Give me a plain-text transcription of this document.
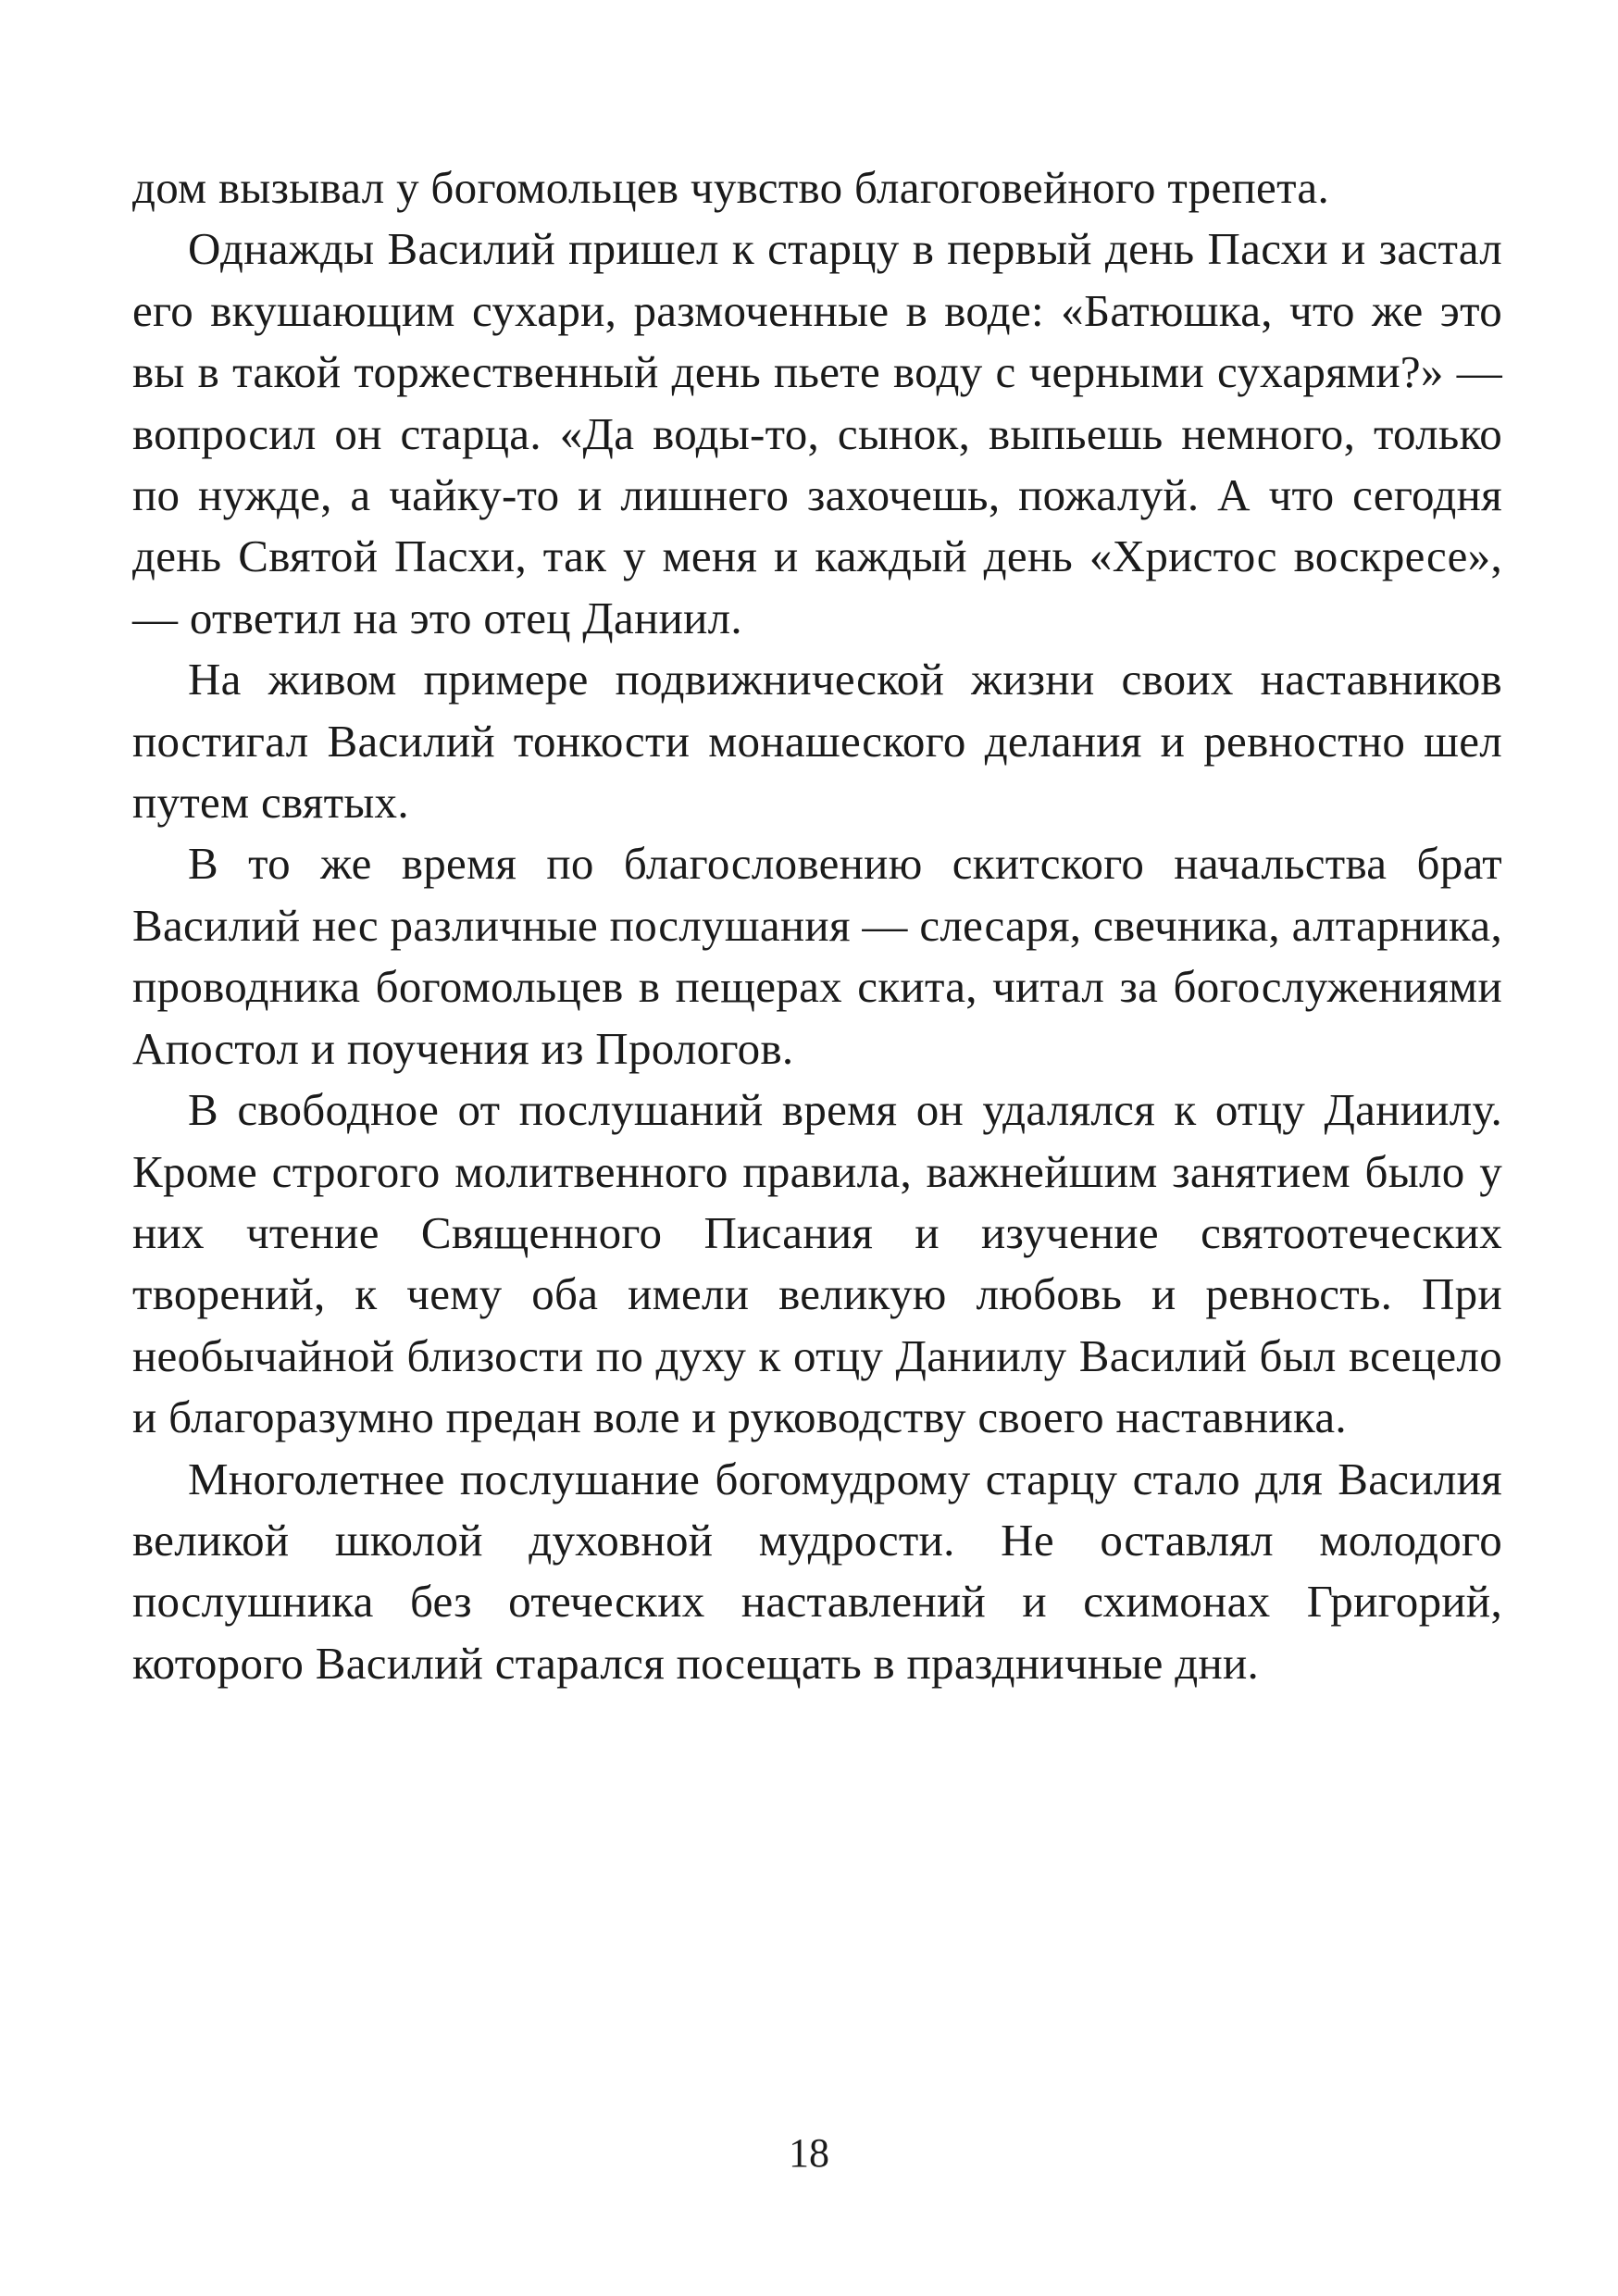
дом вызывал у богомольцев чувство благоговейного трепета.

Однажды Василий пришел к старцу в первый день Пасхи и застал его вкушающим сухари, размоченные в воде: «Батюшка, что же это вы в такой торжественный день пьете воду с черными сухарями?» — вопросил он старца. «Да воды-то, сынок, выпьешь немного, только по нужде, а чайку-то и лишнего захочешь, пожалуй. А что сегодня день Святой Пасхи, так у меня и каждый день «Христос воскресе», — ответил на это отец Даниил.

На живом примере подвижнической жизни своих наставников постигал Василий тонкости монашеского делания и ревностно шел путем святых.

В то же время по благословению скитского начальства брат Василий нес различные послушания — слесаря, свечника, алтарника, проводника богомольцев в пещерах скита, читал за богослужениями Апостол и поучения из Прологов.

В свободное от послушаний время он удалялся к отцу Даниилу. Кроме строгого молитвенного правила, важнейшим занятием было у них чтение Священного Писания и изучение святоотеческих творений, к чему оба имели великую любовь и ревность. При необычайной близости по духу к отцу Даниилу Василий был всецело и благоразумно предан воле и руководству своего наставника.

Многолетнее послушание богомудрому старцу стало для Василия великой школой духовной мудрости. Не оставлял молодого послушника без отеческих наставлений и схимонах Григорий, которого Василий старался посещать в праздничные дни.

18
